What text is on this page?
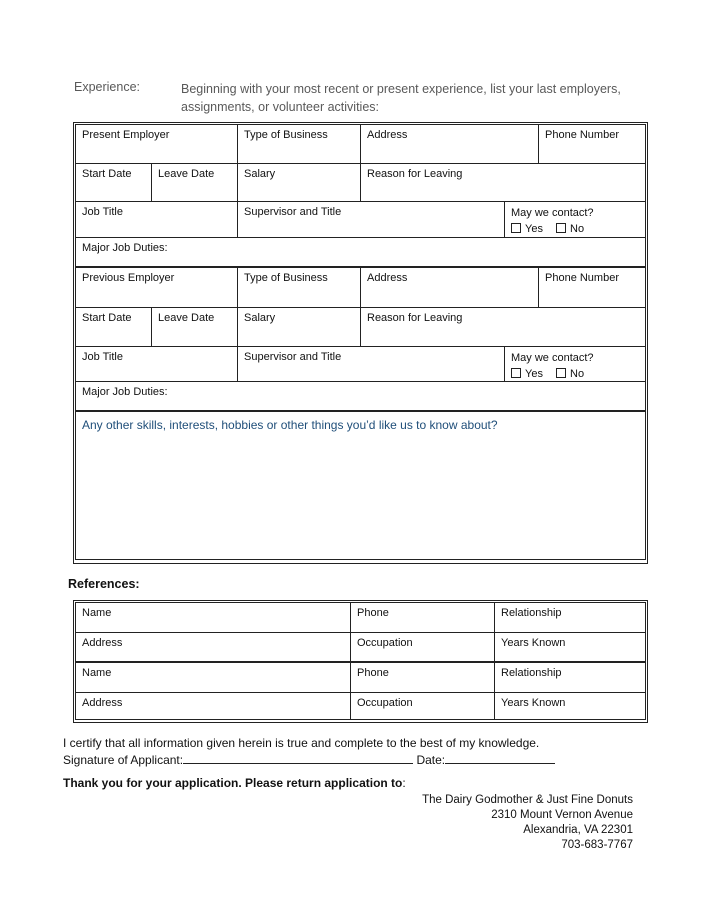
Experience:	Beginning with your most recent or present experience, list your last employers, assignments, or volunteer activities:
Present Employer	Type of Business	Address	Phone Number
Start Date	Leave Date	Salary	Reason for Leaving
Job Title	Supervisor and Title	May we contact?
Yes No
Major Job Duties:
Previous Employer	Type of Business	Address	Phone Number
Start Date	Leave Date	Salary	Reason for Leaving
Job Title	Supervisor and Title	May we contact?
Yes No
Major Job Duties:
Any other skills, interests, hobbies or other things you’d like us to know about?
References:
Name	Phone	Relationship
Address	Occupation	Years Known
Name	Phone	Relationship
Address	Occupation	Years Known
I certify that all information given herein is true and complete to the best of my knowledge.
Signature of Applicant:	Date:
Thank you for your application. Please return application to:
The Dairy Godmother & Just Fine Donuts
2310 Mount Vernon Avenue
Alexandria, VA 22301
703-683-7767
